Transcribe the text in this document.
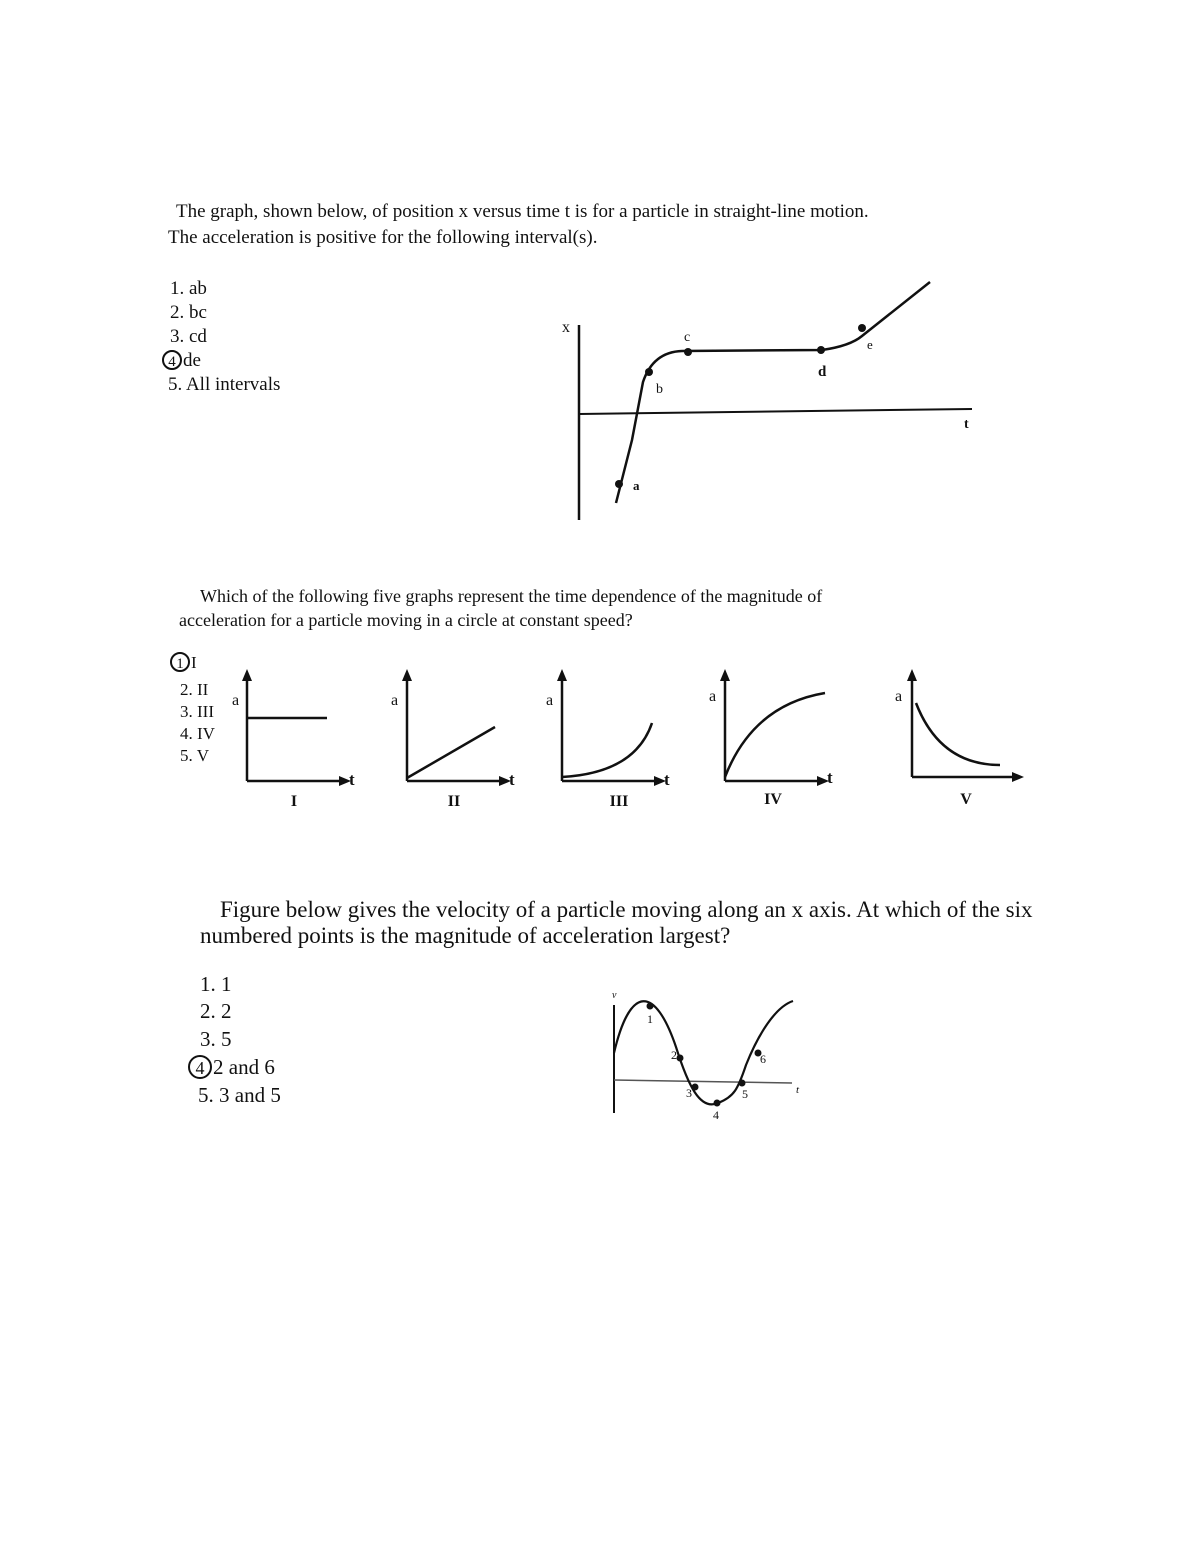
The graph, shown below, of position x versus time t is for a particle in straight-line motion.
The acceleration is positive for the following interval(s).
1. ab
2. bc
3. cd
4 de
5. All intervals
x
t
a
b
c
d
e
Which of the following five graphs represent the time dependence of the magnitude of
acceleration for a particle moving in a circle at constant speed?
1 I
2. II
3. III
4. IV
5. V
a
t
I
a
t
II
a
t
III
a
t
IV
a
V
Figure below gives the velocity of a particle moving along an x axis. At which of the six
numbered points is the magnitude of acceleration largest?
1. 1
2. 2
3. 5
4 2 and 6
5. 3 and 5
v
t
1
2
3
4
5
6
